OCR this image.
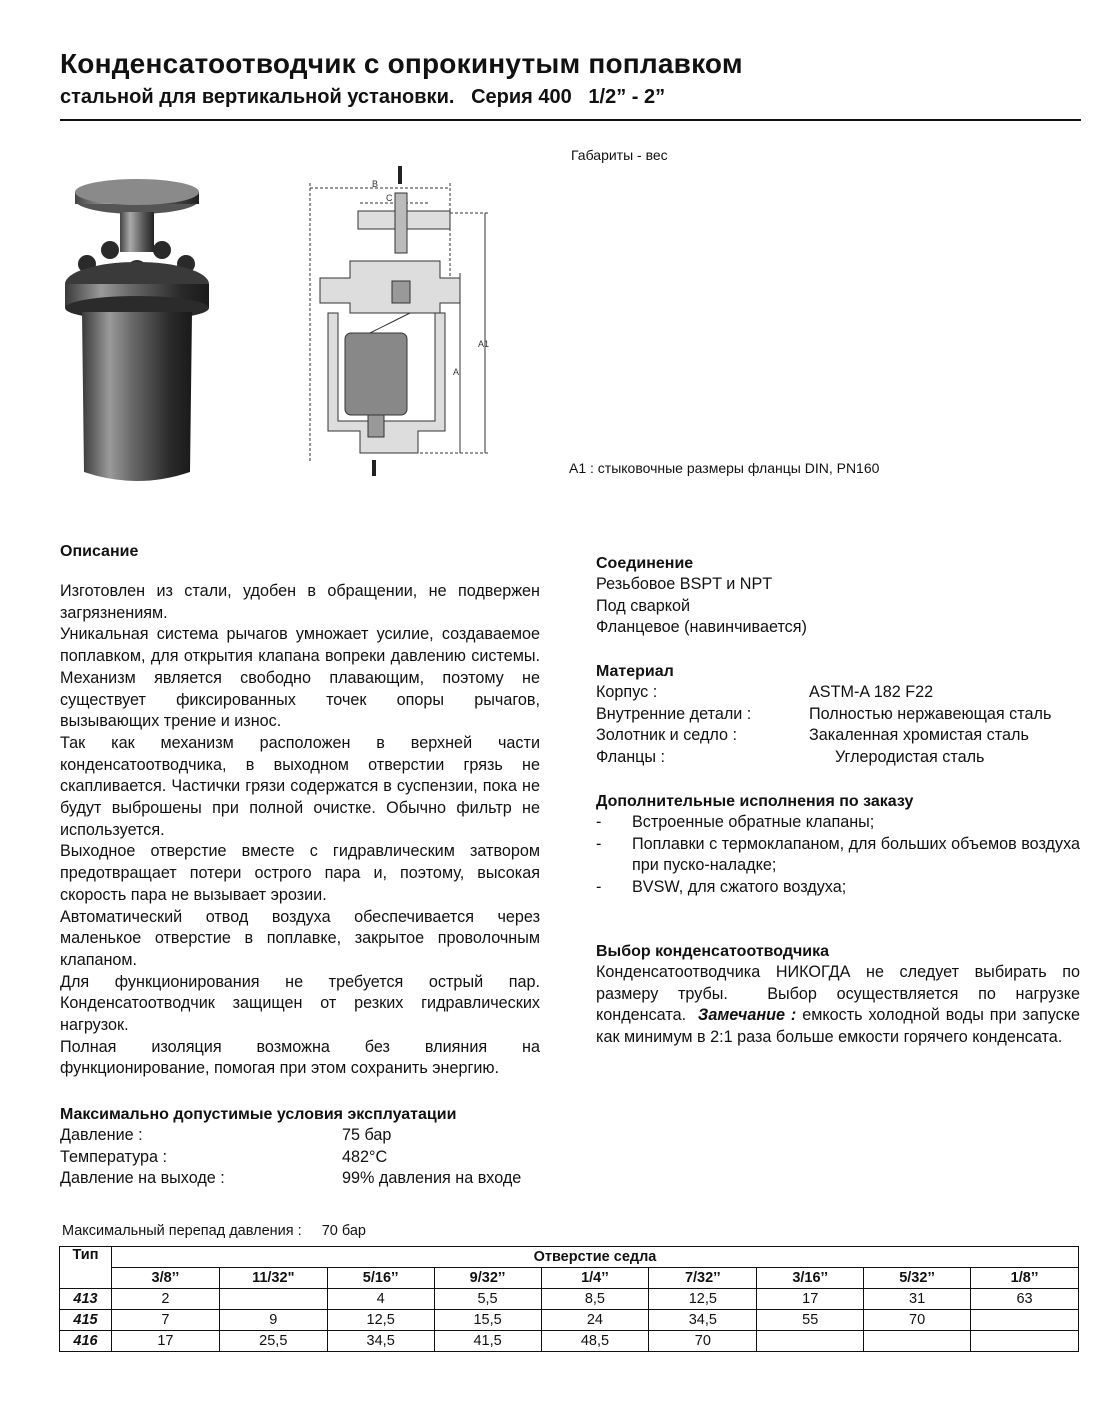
Конденсатоотводчик с опрокинутым поплавком
стальной для вертикальной установки.   Серия 400   1/2” - 2”
B
C
A
A1
Габариты - вес
A1 : стыковочные размеры фланцы DIN, PN160
Описание
Изготовлен из стали, удобен в обращении, не подвержен загрязнениям.
Уникальная система рычагов умножает усилие, создаваемое поплавком, для открытия клапана вопреки давлению системы. Механизм является свободно плавающим, поэтому не существует фиксированных точек опоры рычагов, вызывающих трение и износ.
Так как механизм расположен в верхней части конденсатоотводчика, в выходном отверстии грязь не скапливается. Частички грязи содержатся в суспензии, пока не будут выброшены при полной очистке. Обычно фильтр не используется.
Выходное отверстие вместе с гидравлическим затвором предотвращает потери острого пара и, поэтому, высокая скорость пара не вызывает эрозии.
Автоматический отвод воздуха обеспечивается через маленькое отверстие в поплавке, закрытое проволочным клапаном.
Для функционирования не требуется острый пар. Конденсатоотводчик защищен от резких гидравлических нагрузок.
Полная изоляция возможна без влияния на функционирование, помогая при этом сохранить энергию.
Максимально допустимые условия эксплуатации
Давление :	75 бар
Температура :	482°C
Давление на выходе :	99% давления на входе
Соединение
Резьбовое BSPT и NPT
Под сваркой
Фланцевое (навинчивается)
Материал
Корпус :	ASTM-A 182 F22
Внутренние детали :	Полностью нержавеющая сталь
Золотник и седло :	Закаленная хромистая сталь
Фланцы :	Углеродистая сталь
Дополнительные исполнения по заказу
- Встроенные обратные клапаны;
- Поплавки с термоклапаном, для больших объемов воздуха при пуско-наладке;
- BVSW, для сжатого воздуха;
Выбор конденсатоотводчика
Конденсатоотводчика НИКОГДА не следует выбирать по размеру трубы.  Выбор осуществляется по нагрузке конденсата.  Замечание : емкость холодной воды при запуске как минимум в 2:1 раза больше емкости горячего конденсата.
Максимальный перепад давления : 70 бар
Тип	Отверстие седла								
	3/8’’	11/32"	5/16’’	9/32’’	1/4’’	7/32’’	3/16’’	5/32’’	1/8’’
413	2		4	5,5	8,5	12,5	17	31	63
415	7	9	12,5	15,5	24	34,5	55	70	
416	17	25,5	34,5	41,5	48,5	70			
